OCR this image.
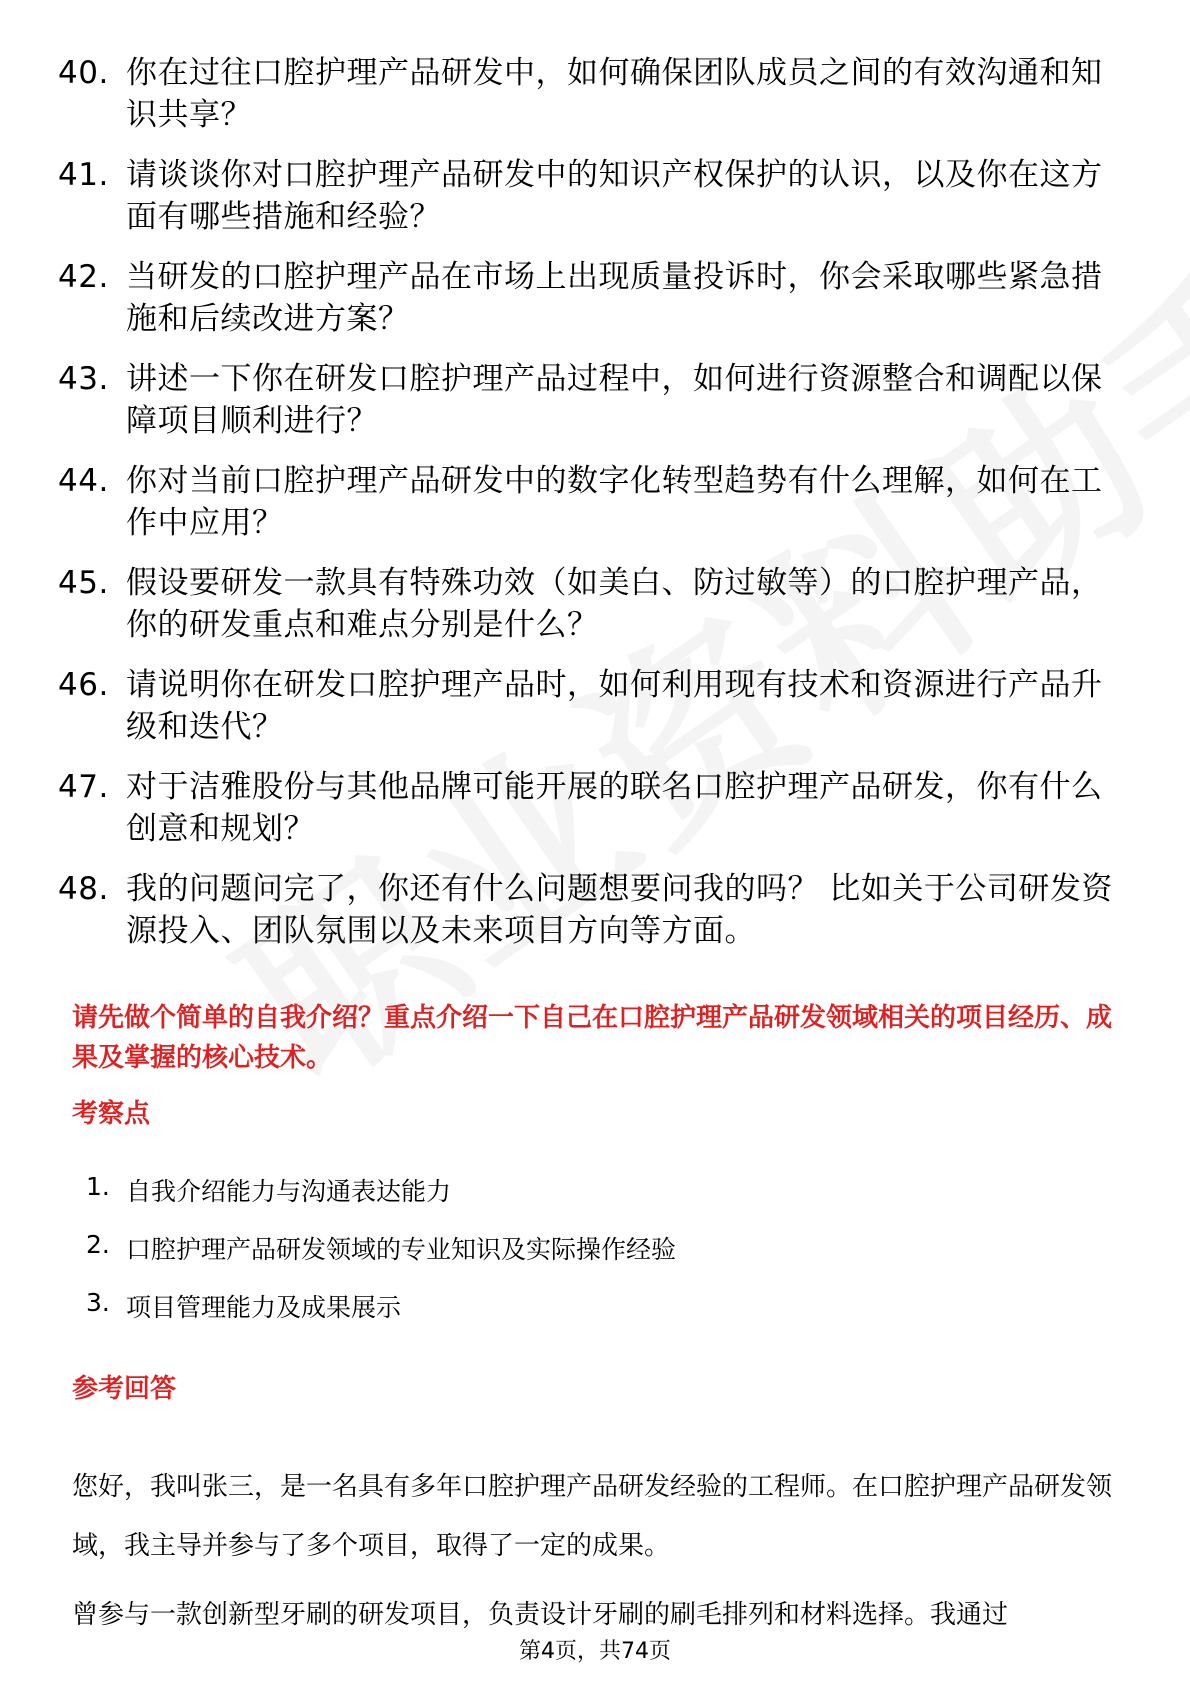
40. 你在过往口腔护理产品研发中，如何确保团队成员之间的有效沟通和知识共享？
41. 请谈谈你对口腔护理产品研发中的知识产权保护的认识，以及你在这方面有哪些措施和经验？
42. 当研发的口腔护理产品在市场上出现质量投诉时，你会采取哪些紧急措施和后续改进方案？
43. 讲述一下你在研发口腔护理产品过程中，如何进行资源整合和调配以保障项目顺利进行？
44. 你对当前口腔护理产品研发中的数字化转型趋势有什么理解，如何在工作中应用？
45. 假设要研发一款具有特殊功效（如美白、防过敏等）的口腔护理产品，你的研发重点和难点分别是什么？
46. 请说明你在研发口腔护理产品时，如何利用现有技术和资源进行产品升级和迭代？
47. 对于洁雅股份与其他品牌可能开展的联名口腔护理产品研发，你有什么创意和规划？
48. 我的问题问完了，你还有什么问题想要问我的吗？ 比如关于公司研发资源投入、团队氛围以及未来项目方向等方面。
请先做个简单的自我介绍？重点介绍一下自己在口腔护理产品研发领域相关的项目经历、成果及掌握的核心技术。
考察点
1. 自我介绍能力与沟通表达能力
2. 口腔护理产品研发领域的专业知识及实际操作经验
3. 项目管理能力及成果展示
参考回答

您好，我叫张三，是一名具有多年口腔护理产品研发经验的工程师。在口腔护理产品研发领域，我主导并参与了多个项目，取得了一定的成果。

曾参与一款创新型牙刷的研发项目，负责设计牙刷的刷毛排列和材料选择。我通过

第4页，共74页
